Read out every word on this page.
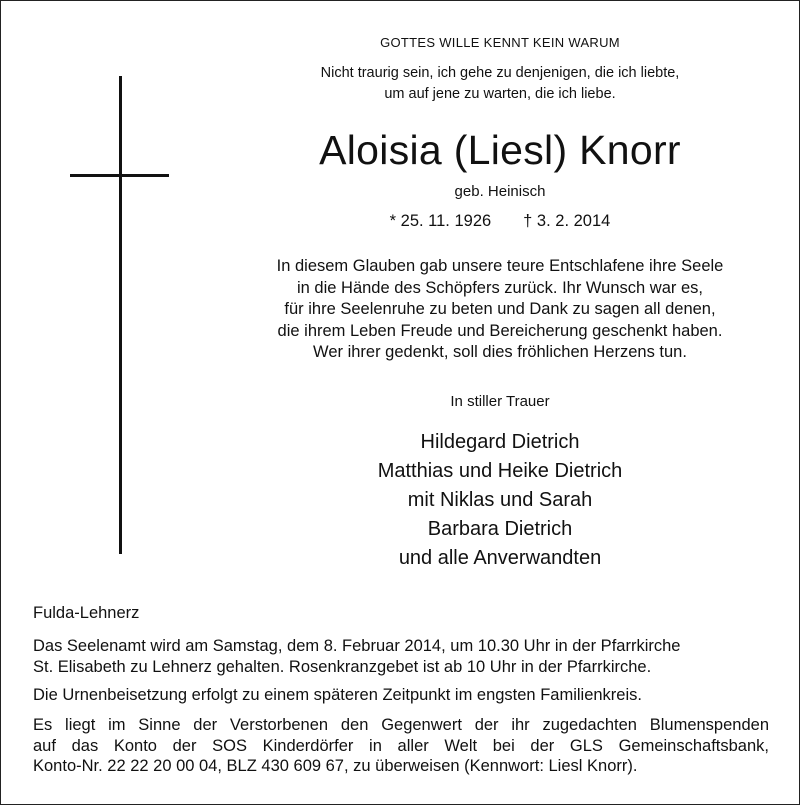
GOTTES WILLE KENNT KEIN WARUM
Nicht traurig sein, ich gehe zu denjenigen, die ich liebte,
um auf jene zu warten, die ich liebe.
Aloisia (Liesl) Knorr
geb. Heinisch
* 25. 11. 1926 † 3. 2. 2014
In diesem Glauben gab unsere teure Entschlafene ihre Seele
in die Hände des Schöpfers zurück. Ihr Wunsch war es,
für ihre Seelenruhe zu beten und Dank zu sagen all denen,
die ihrem Leben Freude und Bereicherung geschenkt haben.
Wer ihrer gedenkt, soll dies fröhlichen Herzens tun.
In stiller Trauer
Hildegard Dietrich
Matthias und Heike Dietrich
mit Niklas und Sarah
Barbara Dietrich
und alle Anverwandten
Fulda-Lehnerz
Das Seelenamt wird am Samstag, dem 8. Februar 2014, um 10.30 Uhr in der Pfarrkirche
St. Elisabeth zu Lehnerz gehalten. Rosenkranzgebet ist ab 10 Uhr in der Pfarrkirche.
Die Urnenbeisetzung erfolgt zu einem späteren Zeitpunkt im engsten Familienkreis.
Es liegt im Sinne der Verstorbenen den Gegenwert der ihr zugedachten Blumenspenden
auf das Konto der SOS Kinderdörfer in aller Welt bei der GLS Gemeinschaftsbank,
Konto-Nr. 22 22 20 00 04, BLZ 430 609 67, zu überweisen (Kennwort: Liesl Knorr).
